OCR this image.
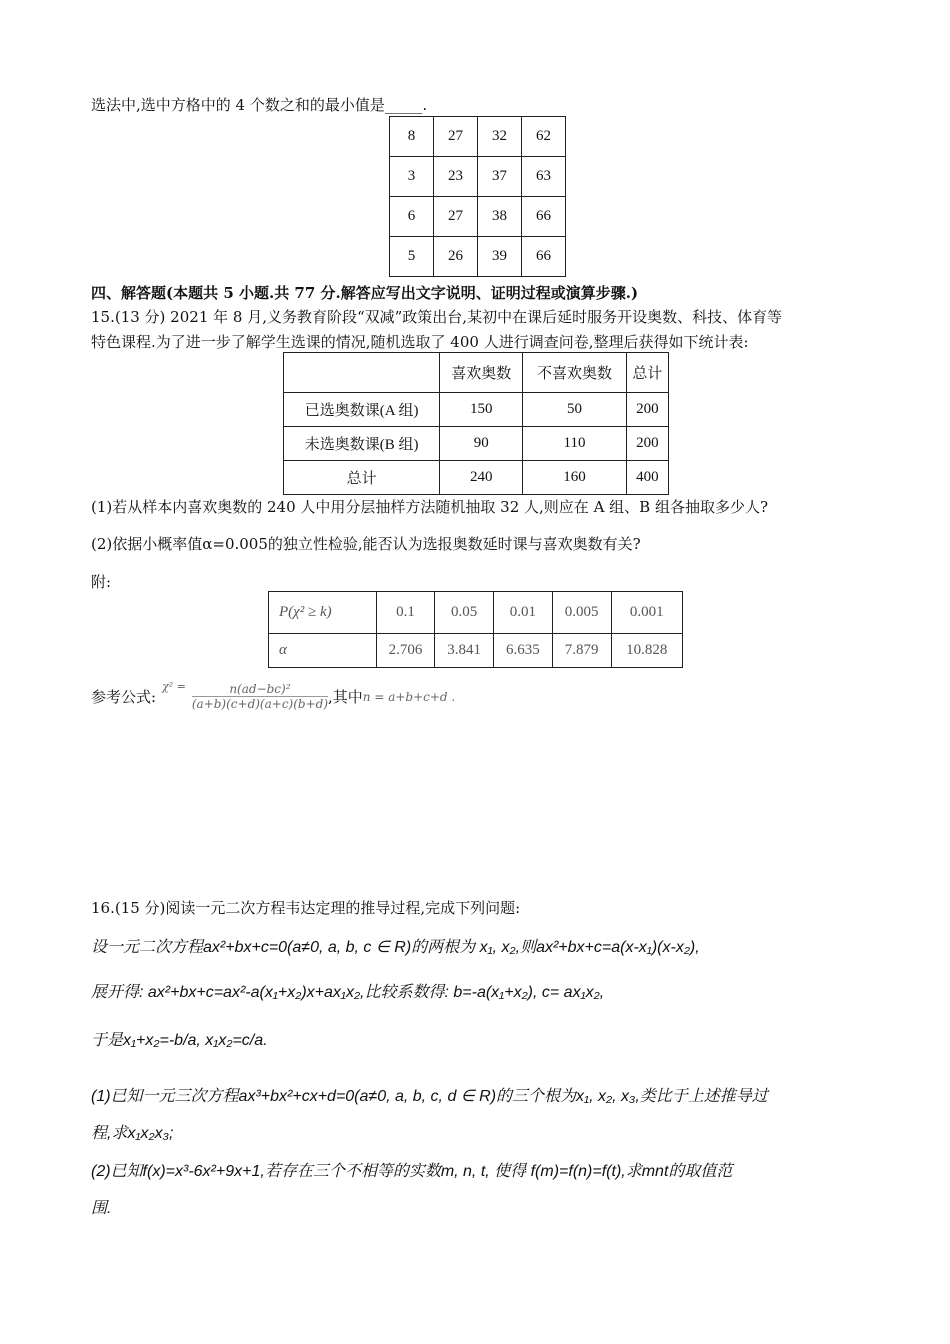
选法中,选中方格中的 4 个数之和的最小值是_____.
8	27	32	62
3	23	37	63
6	27	38	66
5	26	39	66
四、解答题(本题共 5 小题.共 77 分.解答应写出文字说明、证明过程或演算步骤.)
15.(13 分) 2021 年 8 月,义务教育阶段“双减”政策出台,某初中在课后延时服务开设奥数、科技、体育等
特色课程.为了进一步了解学生选课的情况,随机选取了 400 人进行调查问卷,整理后获得如下统计表:
	喜欢奥数	不喜欢奥数	总计
已选奥数课(A 组)	150	50	200
未选奥数课(B 组)	90	110	200
总计	240	160	400
(1)若从样本内喜欢奥数的 240 人中用分层抽样方法随机抽取 32 人,则应在 A 组、B 组各抽取多少人?
(2)依据小概率值α=0.005的独立性检验,能否认为选报奥数延时课与喜欢奥数有关?
附:
P(χ² ≥ k)	0.1	0.05	0.01	0.005	0.001
α	2.706	3.841	6.635	7.879	10.828
参考公式:
$\chi^2 = \frac{\text{n(ad−bc)²}}{(a+b)(c+d)(a+c)(b+d)}$ ,其中 n = a+b+c+d .
16.(15 分)阅读一元二次方程韦达定理的推导过程,完成下列问题:
设一元二次方程ax²+bx+c=0(a≠0, a, b, c ∈ R)的两根为 x₁, x₂,则ax²+bx+c=a(x-x₁)(x-x₂),
展开得: ax²+bx+c=ax²-a(x₁+x₂)x+ax₁x₂,比较系数得: b=-a(x₁+x₂), c= ax₁x₂,
于是x₁+x₂=-b/a, x₁x₂=c/a.
(1)已知一元三次方程ax³+bx²+cx+d=0(a≠0, a, b, c, d ∈ R)的三个根为x₁, x₂, x₃,类比于上述推导过
程,求x₁x₂x₃;
(2)已知f(x)=x³-6x²+9x+1,若存在三个不相等的实数m, n, t, 使得 f(m)=f(n)=f(t),求mnt的取值范
围.
